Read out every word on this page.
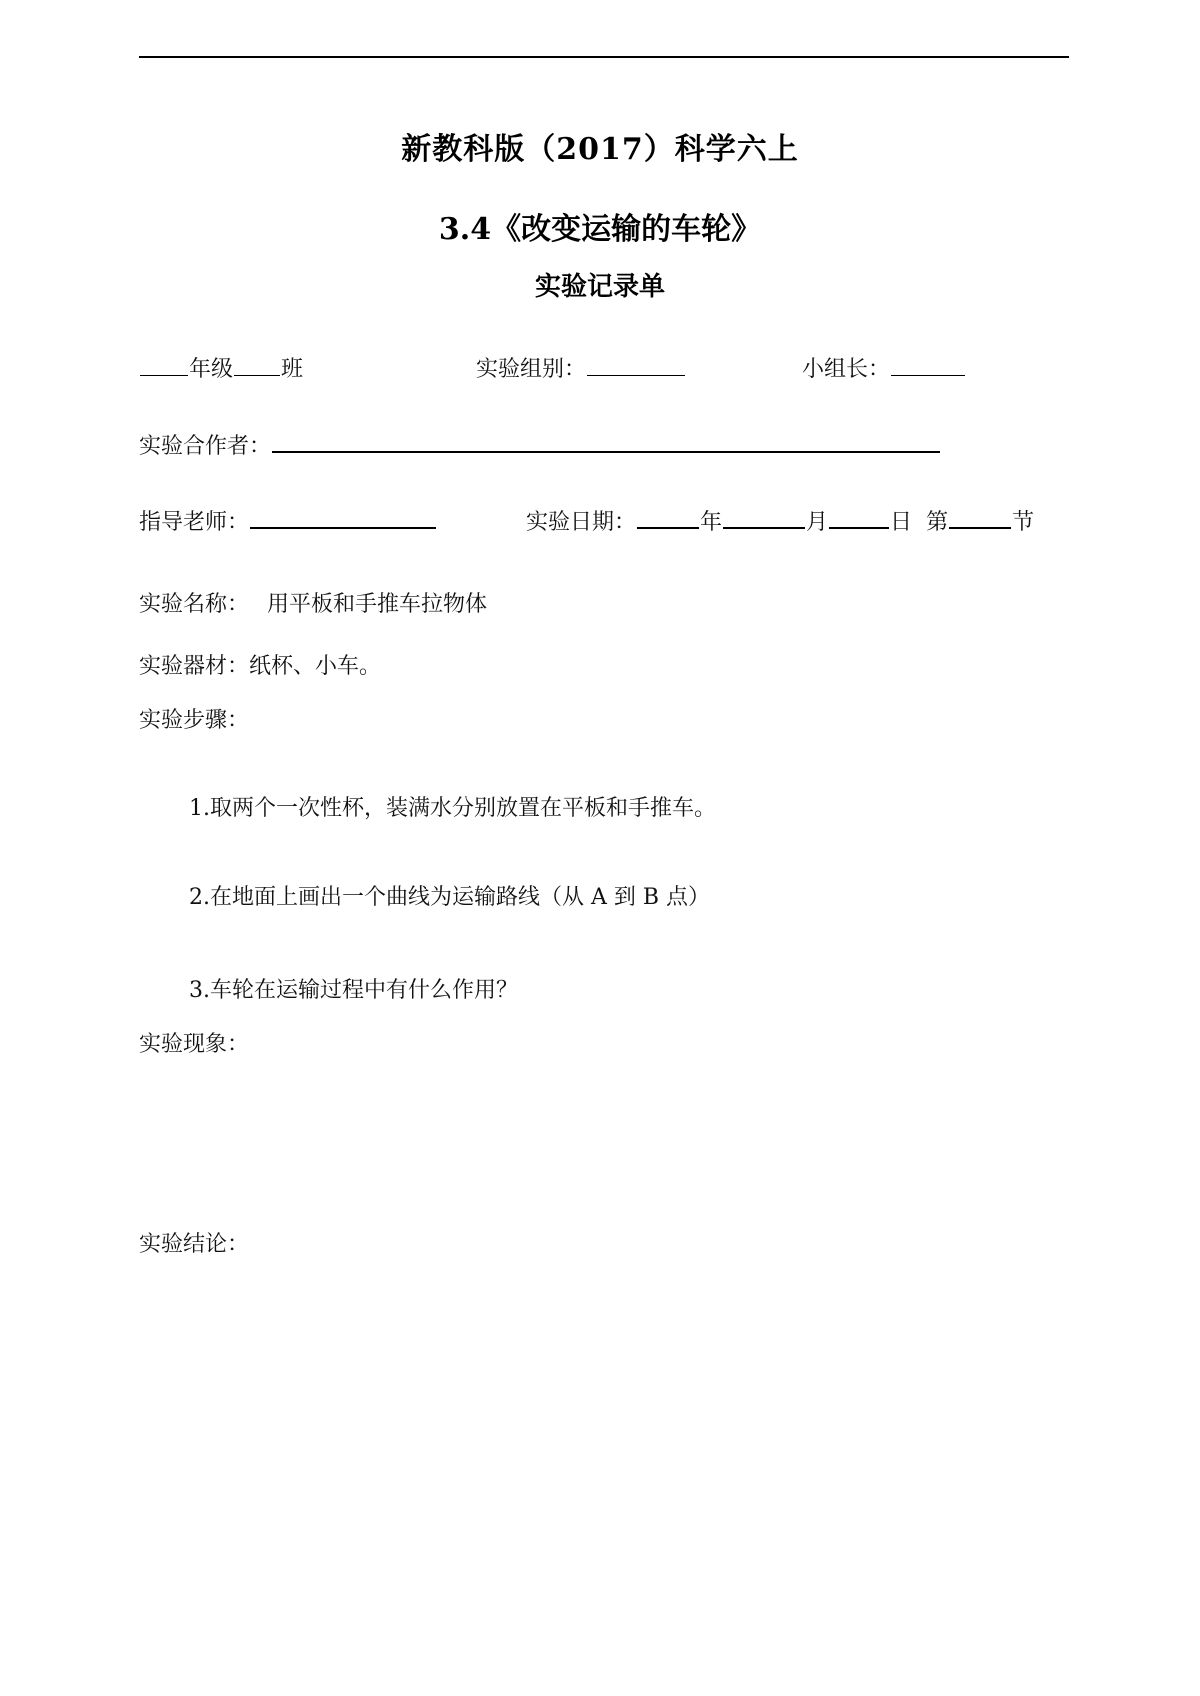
新教科版（2017）科学六上
3.4《改变运输的车轮》
实验记录单
年级 班	实验组别：	小组长：
实验合作者：
指导老师：	实验日期：	年	月	日 第	节
实验名称： 用平板和手推车拉物体
实验器材：纸杯、小车。
实验步骤：
1.取两个一次性杯，装满水分别放置在平板和手推车。
2.在地面上画出一个曲线为运输路线（从 A 到 B 点）
3.车轮在运输过程中有什么作用？
实验现象：
实验结论：
